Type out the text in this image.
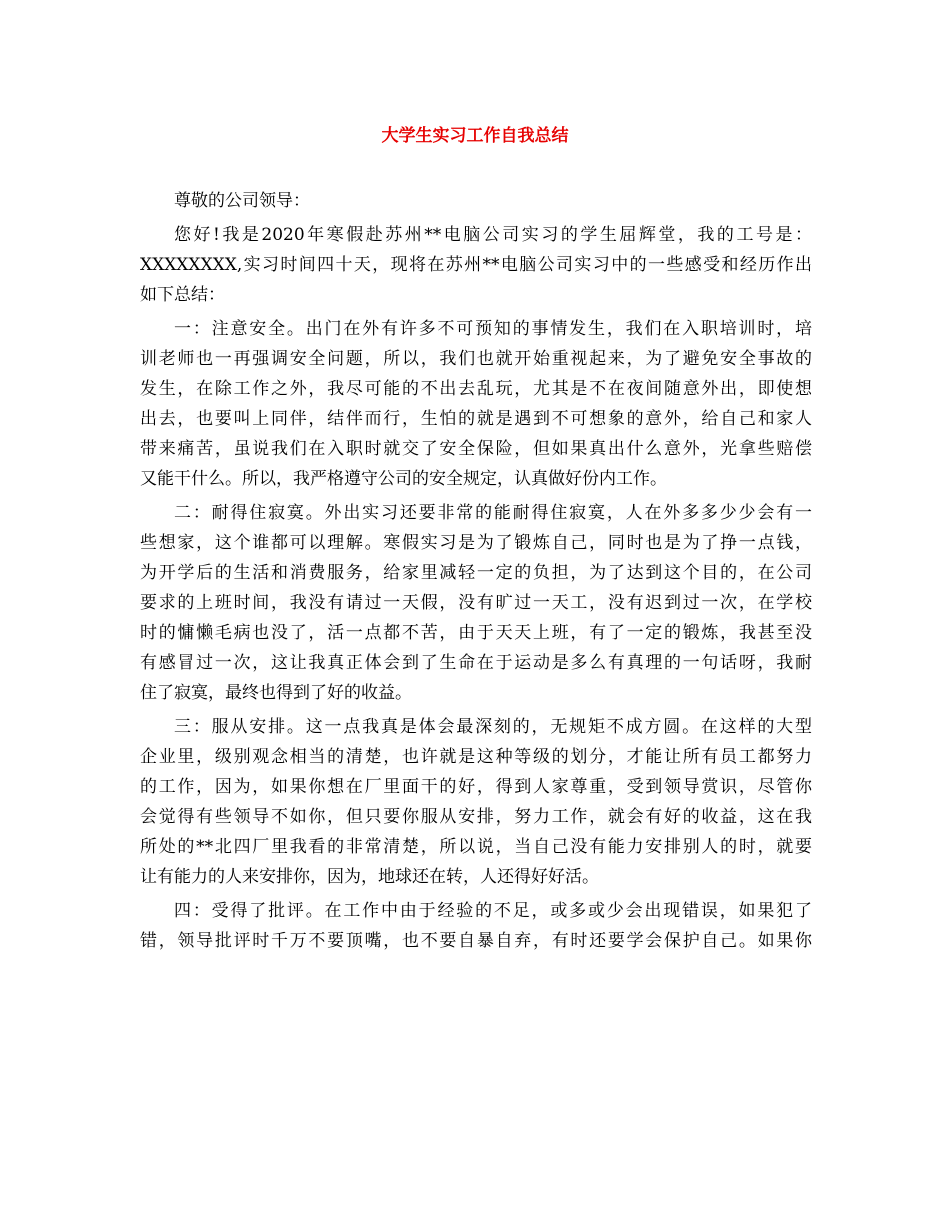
大学生实习工作自我总结
尊敬的公司领导：
您好!我是2020年寒假赴苏州**电脑公司实习的学生屈辉堂，我的工号是：
XXXXXXXX,实习时间四十天，现将在苏州**电脑公司实习中的一些感受和经历作出
如下总结：
一：注意安全。出门在外有许多不可预知的事情发生，我们在入职培训时，培
训老师也一再强调安全问题，所以，我们也就开始重视起来，为了避免安全事故的
发生，在除工作之外，我尽可能的不出去乱玩，尤其是不在夜间随意外出，即使想
出去，也要叫上同伴，结伴而行，生怕的就是遇到不可想象的意外，给自己和家人
带来痛苦，虽说我们在入职时就交了安全保险，但如果真出什么意外，光拿些赔偿
又能干什么。所以，我严格遵守公司的安全规定，认真做好份内工作。
二：耐得住寂寞。外出实习还要非常的能耐得住寂寞，人在外多多少少会有一
些想家，这个谁都可以理解。寒假实习是为了锻炼自己，同时也是为了挣一点钱，
为开学后的生活和消费服务，给家里减轻一定的负担，为了达到这个目的，在公司
要求的上班时间，我没有请过一天假，没有旷过一天工，没有迟到过一次，在学校
时的慵懒毛病也没了，活一点都不苦，由于天天上班，有了一定的锻炼，我甚至没
有感冒过一次，这让我真正体会到了生命在于运动是多么有真理的一句话呀，我耐
住了寂寞，最终也得到了好的收益。
三：服从安排。这一点我真是体会最深刻的，无规矩不成方圆。在这样的大型
企业里，级别观念相当的清楚，也许就是这种等级的划分，才能让所有员工都努力
的工作，因为，如果你想在厂里面干的好，得到人家尊重，受到领导赏识，尽管你
会觉得有些领导不如你，但只要你服从安排，努力工作，就会有好的收益，这在我
所处的**北四厂里我看的非常清楚，所以说，当自己没有能力安排别人的时，就要
让有能力的人来安排你，因为，地球还在转，人还得好好活。
四：受得了批评。在工作中由于经验的不足，或多或少会出现错误，如果犯了
错，领导批评时千万不要顶嘴，也不要自暴自弃，有时还要学会保护自己。如果你
